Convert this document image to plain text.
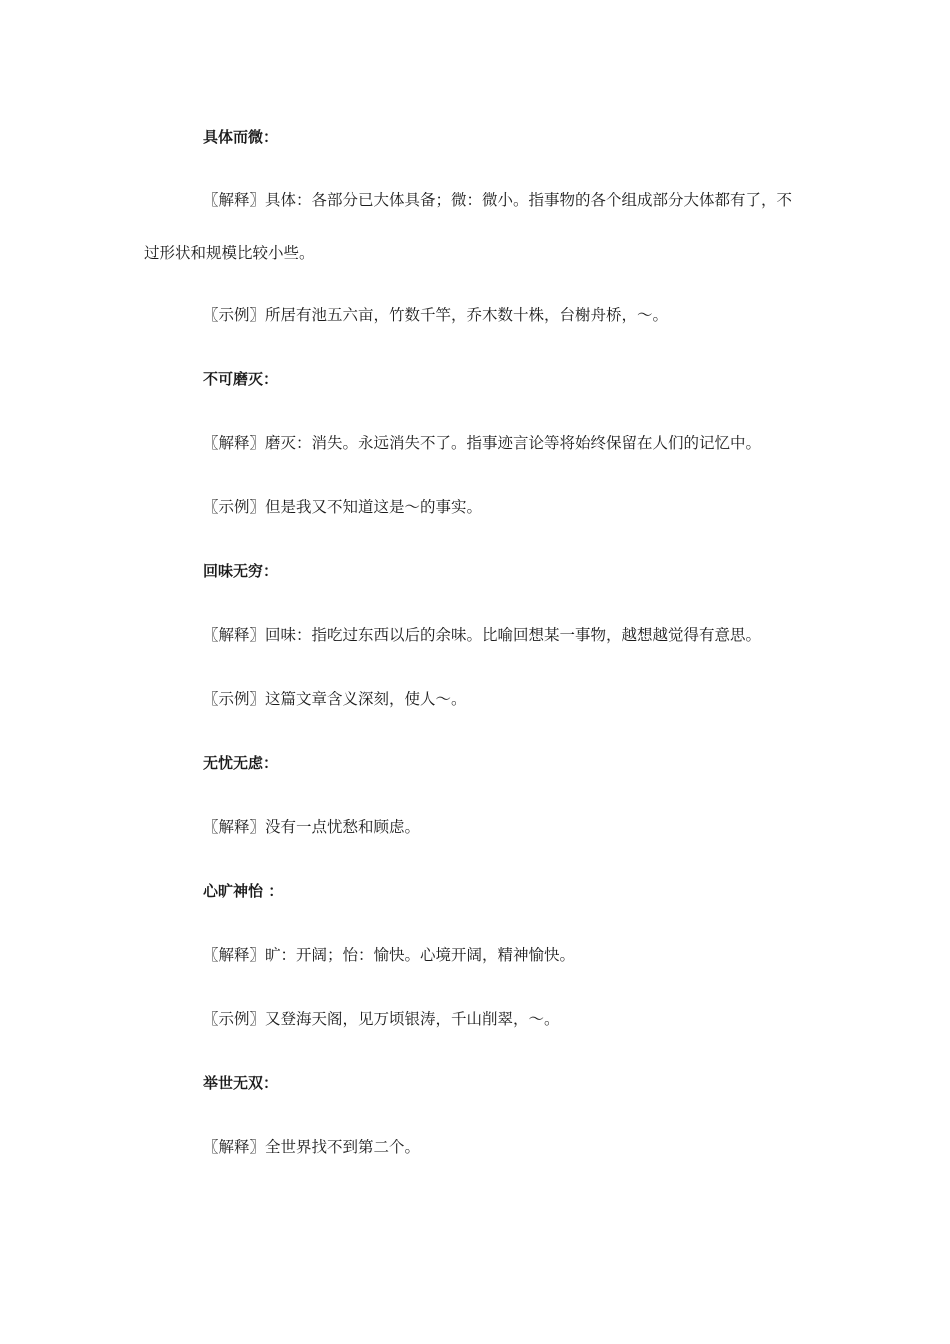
具体而微：
〖解释〗具体：各部分已大体具备；微：微小。指事物的各个组成部分大体都有了，不
过形状和规模比较小些。
〖示例〗所居有池五六亩，竹数千竿，乔木数十株，台榭舟桥，～。
不可磨灭：
〖解释〗磨灭：消失。永远消失不了。指事迹言论等将始终保留在人们的记忆中。
〖示例〗但是我又不知道这是～的事实。
回味无穷：
〖解释〗回味：指吃过东西以后的余味。比喻回想某一事物，越想越觉得有意思。
〖示例〗这篇文章含义深刻，使人～。
无忧无虑：
〖解释〗没有一点忧愁和顾虑。
心旷神怡 ：
〖解释〗旷：开阔；怡：愉快。心境开阔，精神愉快。
〖示例〗又登海天阁，见万顷银涛，千山削翠，～。
举世无双：
〖解释〗全世界找不到第二个。
